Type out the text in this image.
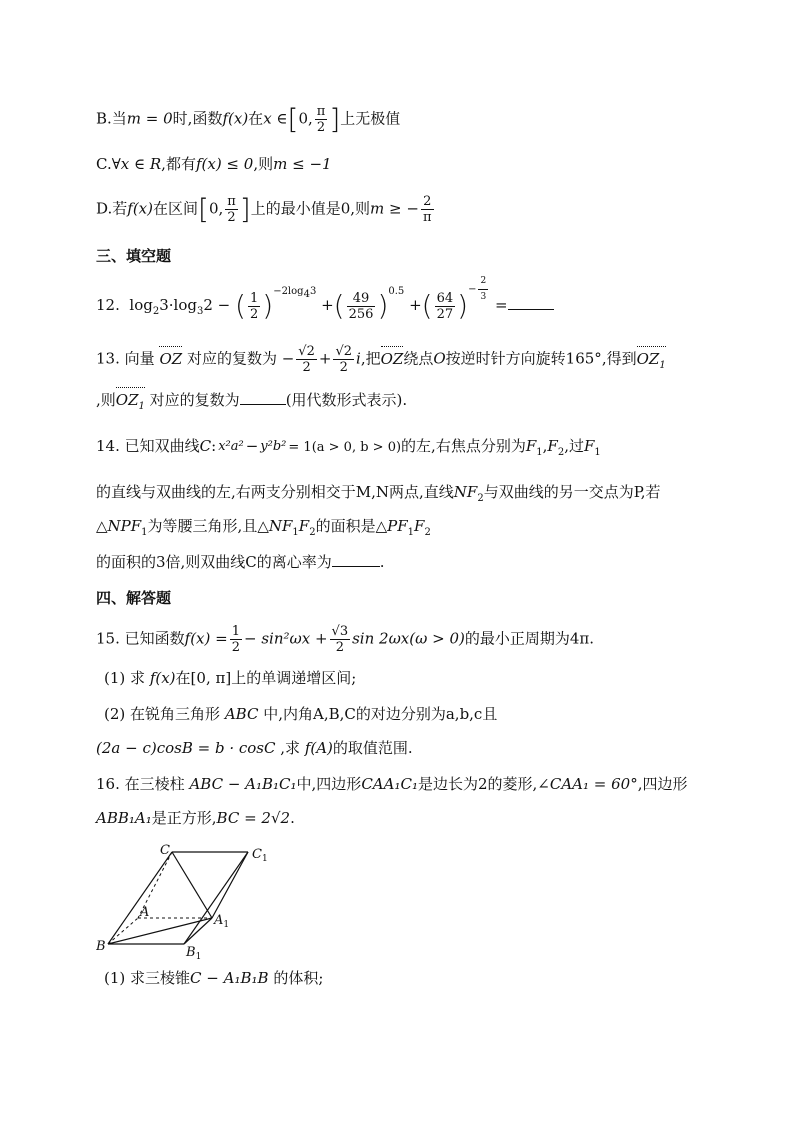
B.当m = 0时,函数f(x)在x ∈[0, $\frac{\pi}{2}$ ]上无极值
C.∀x ∈ R,都有f(x) ≤ 0,则m ≤ −1
D.若f(x)在区间[0, $\frac{\pi}{2}$ ]上的最小值是0,则m ≥ − $\frac{2}{\pi}$
三、填空题
12. $\log_23\cdot\log_32$ − ( $\frac{1}{2} )^{-2log_43}$ +( $\frac{49}{256} )^{0.5}$ +( $\frac{64}{27} )^{- \frac{2}{3}}$ =
13. 向量 OZ 对应的复数为 − $\frac{√2}{2} + \frac{√2}{2} i$,把OZ绕点O按逆时针方向旋转165°,得到$OZ_1$
,则$OZ_1$ 对应的复数为	(用代数形式表示).
14. 已知双曲线C: x²a² − y²b² = 1(a > 0, b > 0)的左,右焦点分别为$F_1,F_2$,过$F_1$
的直线与双曲线的左,右两支分别相交于M,N两点,直线$NF_2$与双曲线的另一交点为P,若
$\triangle NPF_1$为等腰三角形,且$\triangle NF_1F_2$的面积是$\triangle PF_1F_2$
的面积的3倍,则双曲线C的离心率为	.
四、解答题
15. 已知函数$f(x) = \frac{1}{2} - \sin^2\omega x + \frac{√3}{2}$ sin 2ωx(ω > 0)的最小正周期为4π.
(1) 求 f(x)在[0, π]上的单调递增区间;
(2) 在锐角三角形 ABC 中,内角A,B,C的对边分别为a,b,c且
(2a − c)cosB = b · cosC ,求 f(A)的取值范围.
16. 在三棱柱 ABC − A₁B₁C₁中,四边形CAA₁C₁是边长为2的菱形,∠CAA₁ = 60°,四边形
ABB₁A₁是正方形,BC = 2√2.
C	$C_1$
A
$A_1$
B	$B_1$
(1) 求三棱锥C − A₁B₁B 的体积;
